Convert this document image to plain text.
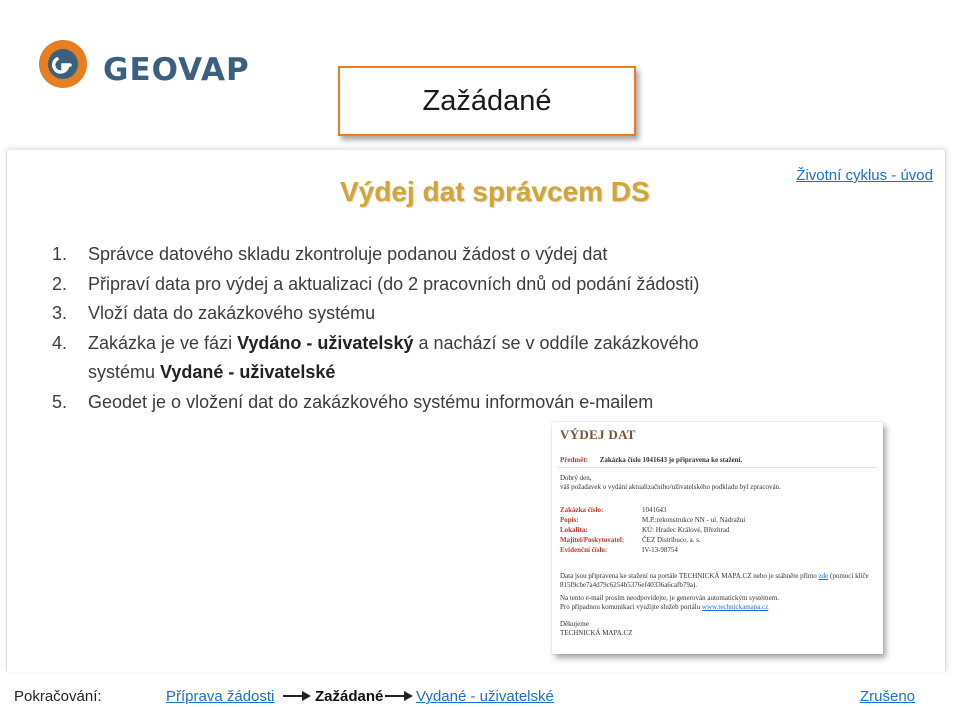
GEOVAP
Zažádané
Výdej dat správcem DS
Životní cyklus - úvod
1. Správce datového skladu zkontroluje podanou žádost o výdej dat
2. Připraví data pro výdej a aktualizaci (do 2 pracovních dnů od podání žádosti)
3. Vloží data do zakázkového systému
4. Zakázka je ve fázi Vydáno - uživatelský a nachází se v oddíle zakázkového
systému Vydané - uživatelské
5. Geodet je o vložení dat do zakázkového systému informován e-mailem
VÝDEJ DAT
Předmět: Zakázka číslo 1041643 je připravena ke stažení.
Dobrý den,
váš požadavek o vydání aktualizačního/uživatelského podkladu byl zpracován.
Zakázka číslo:	1041643
Popis:	M.P.:rekonstrukce NN - ul. Nádražní
Lokalita:	KÚ: Hradec Králové, Březhrad
Majitel/Poskytovatel:	ČEZ Distribuce, a. s.
Evidenční číslo:	IV-13-98754
Data jsou připravena ke stažení na portále TECHNICKÁ MAPA.CZ nebo je stáhněte přímo zde (pomocí klíče 815f9cbe7a4d79c6254b5376ef40336a6cafb79a).
Na tento e-mail prosím neodpovídejte, je generován automatickým systémem.
Pro případnou komunikaci využijte služeb portálu www.technickamapa.cz
Děkujeme
TECHNICKÁ MAPA.CZ
Pokračování:	Příprava žádosti	Zažádané Vydané - uživatelské	Zrušeno
